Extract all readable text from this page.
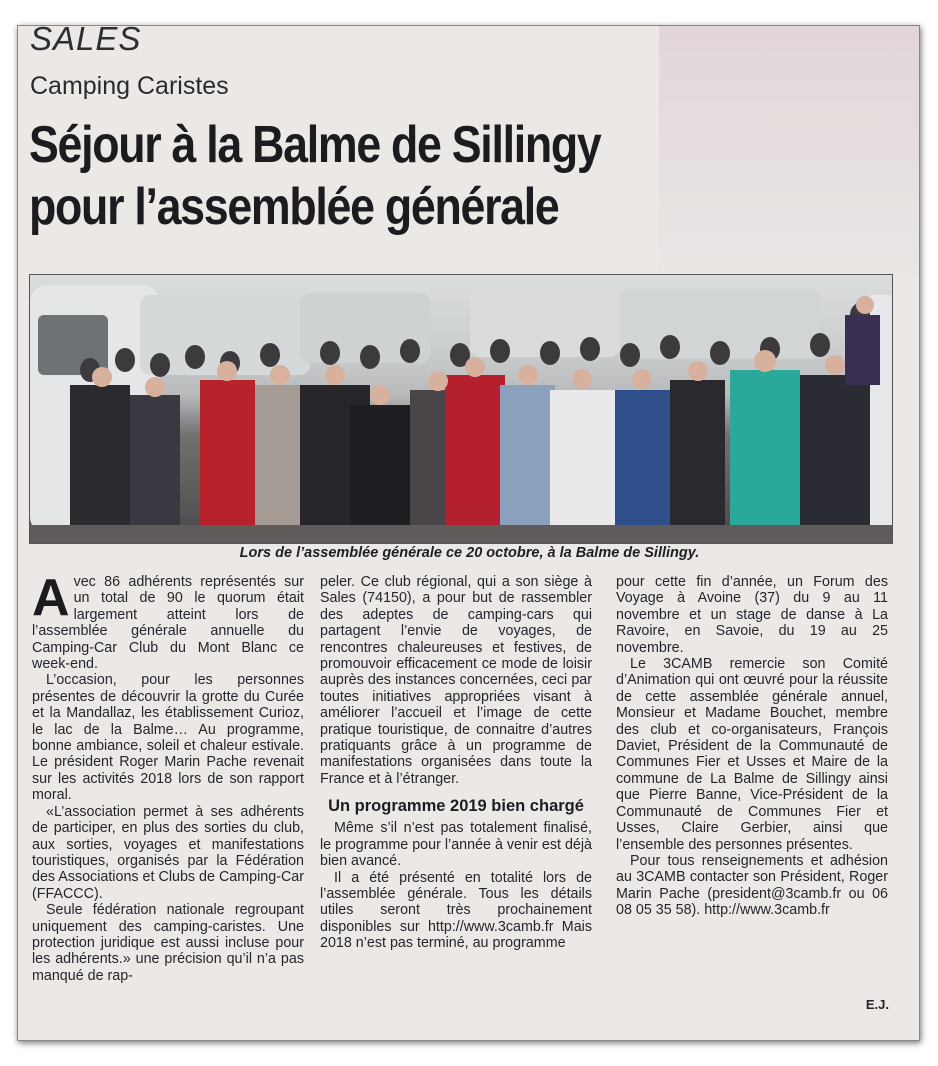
SALES
Camping Caristes
Séjour à la Balme de Sillingy pour l’assemblée générale
Lors de l’assemblée générale ce 20 octobre, à la Balme de Sillingy.

Avec 86 adhérents représentés sur un total de 90 le quorum était largement atteint lors de l’assemblée générale annuelle du Camping-Car Club du Mont Blanc ce week-end.

L’occasion, pour les personnes présentes de découvrir la grotte du Curée et la Mandallaz, les établissement Curioz, le lac de la Balme… Au programme, bonne ambiance, soleil et chaleur estivale. Le président Roger Marin Pache revenait sur les activités 2018 lors de son rapport moral.

«L’association permet à ses adhérents de participer, en plus des sorties du club, aux sorties, voyages et manifestations touristiques, organisés par la Fédération des Associations et Clubs de Camping-Car (FFACCC).

Seule fédération nationale regroupant uniquement des camping-caristes. Une protection juridique est aussi incluse pour les adhérents.» une précision qu’il n’a pas manqué de rap-

peler. Ce club régional, qui a son siège à Sales (74150), a pour but de rassembler des adeptes de camping-cars qui partagent l’envie de voyages, de rencontres chaleureuses et festives, de promouvoir efficacement ce mode de loisir auprès des instances concernées, ceci par toutes initiatives appropriées visant à améliorer l’accueil et l’image de cette pratique touristique, de connaitre d’autres pratiquants grâce à un programme de manifestations organisées dans toute la France et à l’étranger.

Un programme 2019 bien chargé

Même s’il n’est pas totalement finalisé, le programme pour l’année à venir est déjà bien avancé.

Il a été présenté en totalité lors de l’assemblée générale. Tous les détails utiles seront très prochainement disponibles sur http://www.3camb.fr Mais 2018 n’est pas terminé, au programme

pour cette fin d’année, un Forum des Voyage à Avoine (37) du 9 au 11 novembre et un stage de danse à La Ravoire, en Savoie, du 19 au 25 novembre.

Le 3CAMB remercie son Comité d’Animation qui ont œuvré pour la réussite de cette assemblée générale annuel, Monsieur et Madame Bouchet, membre des club et co-organisateurs, François Daviet, Président de la Communauté de Communes Fier et Usses et Maire de la commune de La Balme de Sillingy ainsi que Pierre Banne, Vice-Président de la Communauté de Communes Fier et Usses, Claire Gerbier, ainsi que l’ensemble des personnes présentes.

Pour tous renseignements et adhésion au 3CAMB contacter son Président, Roger Marin Pache (president@3camb.fr ou 06 08 05 35 58). http://www.3camb.fr

E.J.
